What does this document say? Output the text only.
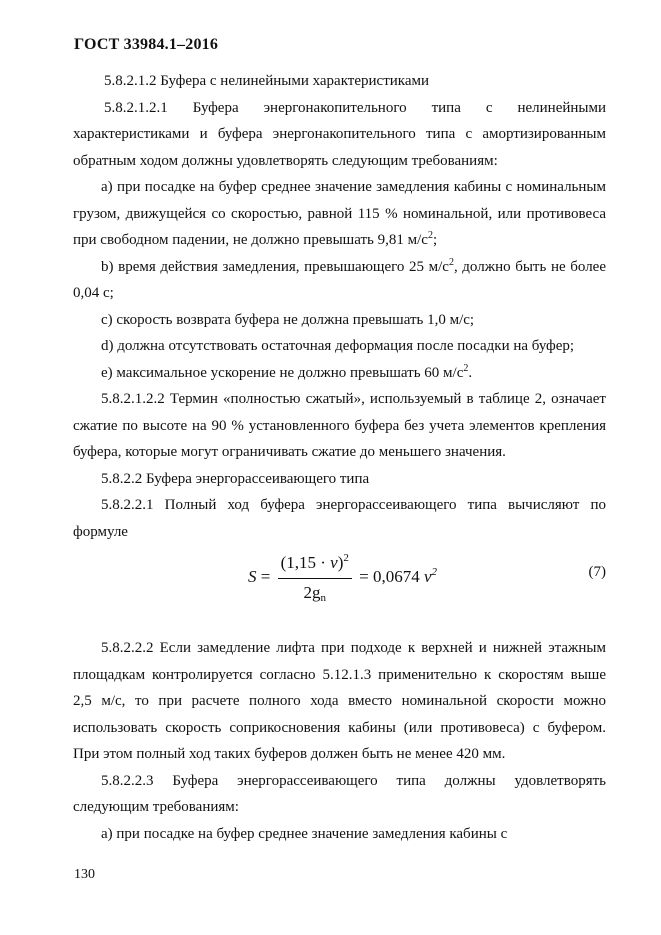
ГОСТ 33984.1–2016

5.8.2.1.2 Буфера с нелинейными характеристиками

5.8.2.1.2.1 Буфера энергонакопительного типа с нелинейными характеристиками и буфера энергонакопительного типа с амортизированным обратным ходом должны удовлетворять следующим требованиям:

a) при посадке на буфер среднее значение замедления кабины с номинальным грузом, движущейся со скоростью, равной 115 % номинальной, или противовеса при свободном падении, не должно превышать 9,81 $м/с^2$;

b) время действия замедления, превышающего 25 $м/с^2$, должно быть не более 0,04 с;

c) скорость возврата буфера не должна превышать 1,0 м/с;

d) должна отсутствовать остаточная деформация после посадки на буфер;

e) максимальное ускорение не должно превышать 60 $м/с^2$.

5.8.2.1.2.2 Термин «полностью сжатый», используемый в таблице 2, означает сжатие по высоте на 90 % установленного буфера без учета элементов крепления буфера, которые могут ограничивать сжатие до меньшего значения.

5.8.2.2 Буфера энергорассеивающего типа

5.8.2.2.1 Полный ход буфера энергорассеивающего типа вычисляют по формуле

$S = \frac{(1,15 \cdot v)^2}{2g_n} = 0,0674$ $v^2$	(7)

5.8.2.2.2 Если замедление лифта при подходе к верхней и нижней этажным площадкам контролируется согласно 5.12.1.3 применительно к скоростям выше 2,5 м/с, то при расчете полного хода вместо номинальной скорости можно использовать скорость соприкосновения кабины (или противовеса) с буфером. При этом полный ход таких буферов должен быть не менее 420 мм.

5.8.2.2.3 Буфера энергорассеивающего типа должны удовлетворять следующим требованиям:

a) при посадке на буфер среднее значение замедления кабины с

130
